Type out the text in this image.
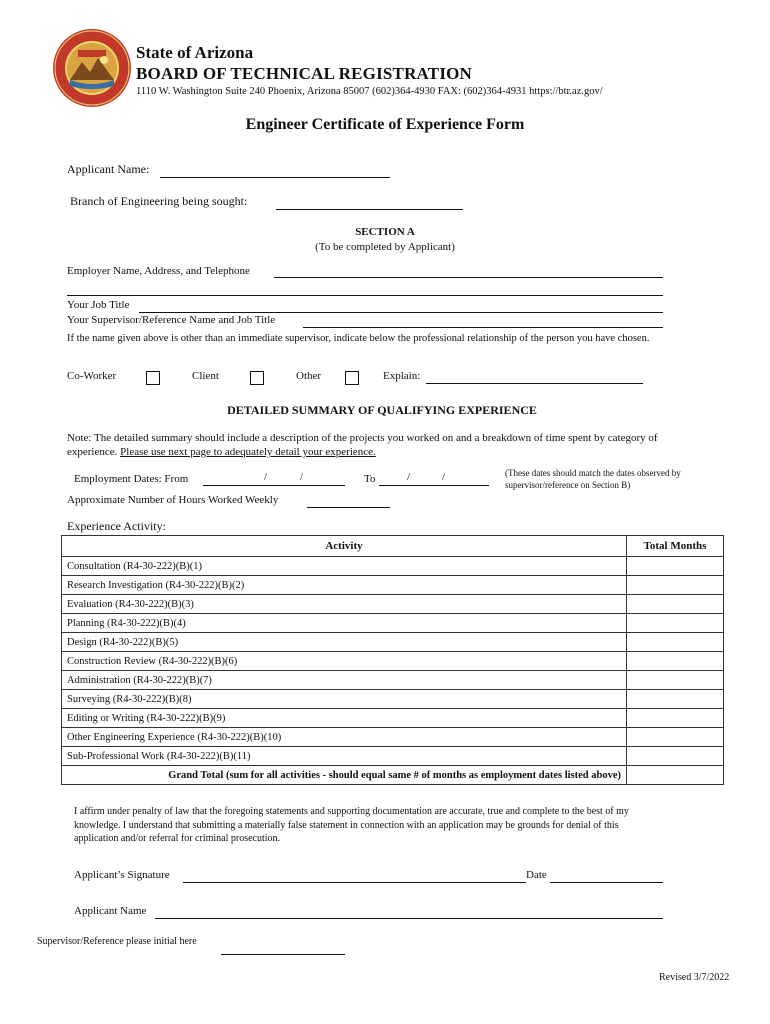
State of Arizona
BOARD OF TECHNICAL REGISTRATION
1110 W. Washington Suite 240 Phoenix, Arizona 85007 (602)364-4930 FAX: (602)364-4931 https://btr.az.gov/
Engineer Certificate of Experience Form
Applicant Name:
Branch of Engineering being sought:
SECTION A
(To be completed by Applicant)
Employer Name, Address, and Telephone
Your Job Title
Your Supervisor/Reference Name and Job Title
If the name given above is other than an immediate supervisor, indicate below the professional relationship of the person you have chosen.
Co-Worker	Client	Other	Explain:
DETAILED SUMMARY OF QUALIFYING EXPERIENCE
Note: The detailed summary should include a description of the projects you worked on and a breakdown of time spent by category of experience. Please use next page to adequately detail your experience.
Employment Dates: From	/	/	To	/	/	(These dates should match the dates observed by supervisor/reference on Section B)
Approximate Number of Hours Worked Weekly
Experience Activity:
Activity	Total Months
Consultation (R4-30-222)(B)(1)	
Research Investigation (R4-30-222)(B)(2)	
Evaluation (R4-30-222)(B)(3)	
Planning (R4-30-222)(B)(4)	
Design (R4-30-222)(B)(5)	
Construction Review (R4-30-222)(B)(6)	
Administration (R4-30-222)(B)(7)	
Surveying (R4-30-222)(B)(8)	
Editing or Writing (R4-30-222)(B)(9)	
Other Engineering Experience (R4-30-222)(B)(10)	
Sub-Professional Work (R4-30-222)(B)(11)	
Grand Total (sum for all activities - should equal same # of months as employment dates listed above)	
I affirm under penalty of law that the foregoing statements and supporting documentation are accurate, true and complete to the best of my knowledge. I understand that submitting a materially false statement in connection with an application may be grounds for denial of this application and/or referral for criminal prosecution.
Applicant’s Signature	Date
Applicant Name
Supervisor/Reference please initial here
Revised 3/7/2022
